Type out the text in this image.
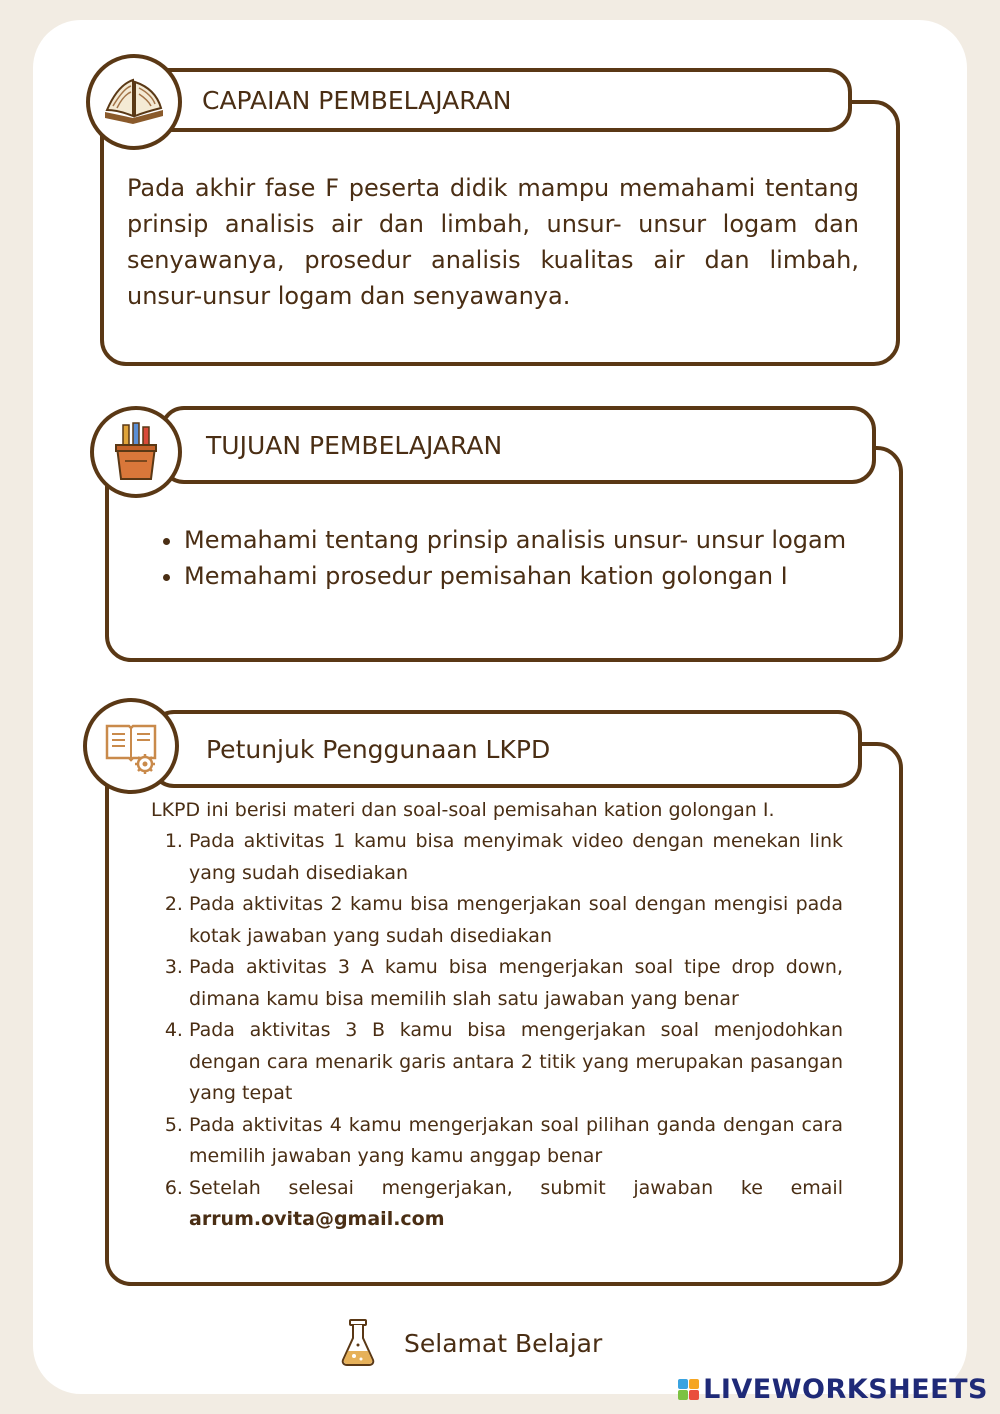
CAPAIAN PEMBELAJARAN
Pada akhir fase F peserta didik mampu memahami tentang prinsip analisis air dan limbah, unsur- unsur logam dan senyawanya, prosedur analisis kualitas air dan limbah, unsur-unsur logam dan senyawanya.
TUJUAN PEMBELAJARAN
• Memahami tentang prinsip analisis unsur- unsur logam
• Memahami prosedur pemisahan kation golongan I
Petunjuk Penggunaan LKPD
LKPD ini berisi materi dan soal-soal pemisahan kation golongan I.
1. Pada aktivitas 1 kamu bisa menyimak video dengan menekan link yang sudah disediakan
2. Pada aktivitas 2 kamu bisa mengerjakan soal dengan mengisi pada kotak jawaban yang sudah disediakan
3. Pada aktivitas 3 A kamu bisa mengerjakan soal tipe drop down, dimana kamu bisa memilih slah satu jawaban yang benar
4. Pada aktivitas 3 B kamu bisa mengerjakan soal menjodohkan dengan cara menarik garis antara 2 titik yang merupakan pasangan yang tepat
5. Pada aktivitas 4 kamu mengerjakan soal pilihan ganda dengan cara memilih jawaban yang kamu anggap benar
6. Setelah selesai mengerjakan, submit jawaban ke email arrum.ovita@gmail.com
Selamat Belajar
LIVEWORKSHEETS
